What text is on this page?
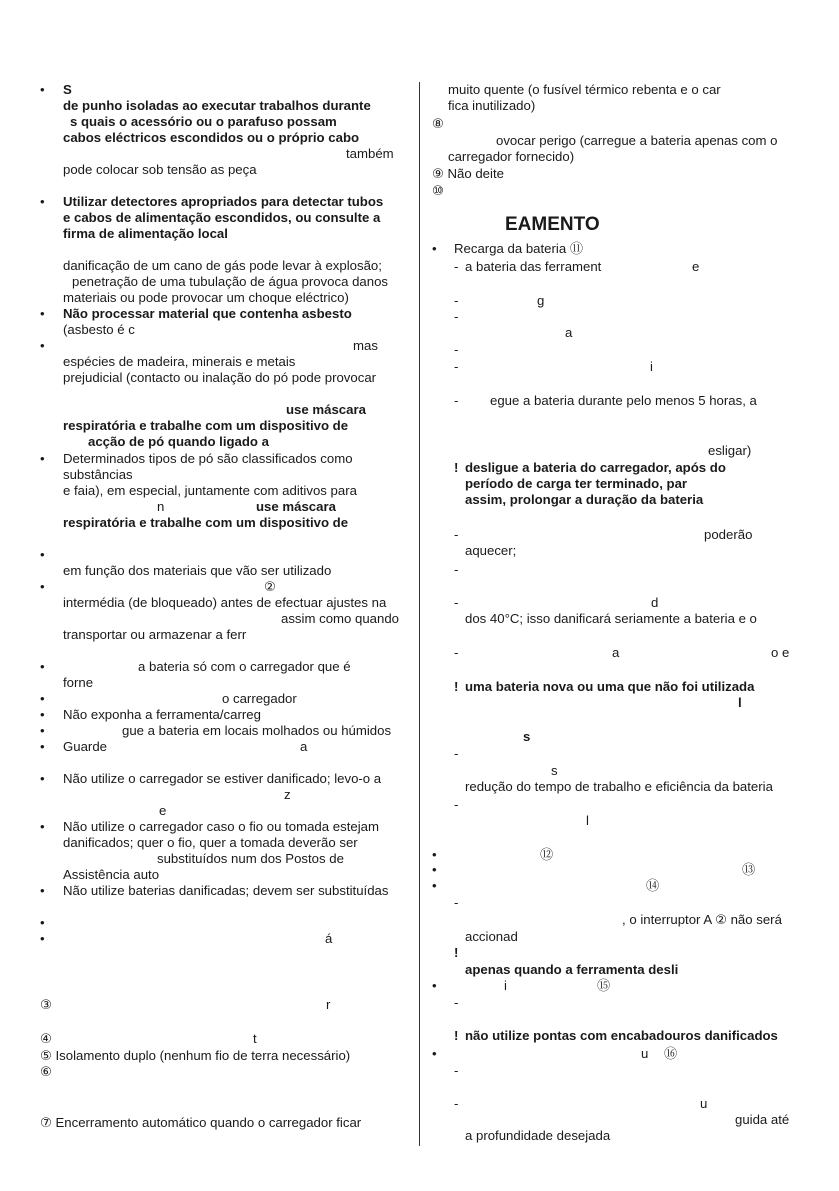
• S
de punho isoladas ao executar trabalhos durante
s quais o acessório ou o parafuso possam
cabos eléctricos escondidos ou o próprio cabo
também
pode colocar sob tensão as peça
• Utilizar detectores apropriados para detectar tubos
e cabos de alimentação escondidos, ou consulte a
firma de alimentação local
danificação de um cano de gás pode levar à explosão;
penetração de uma tubulação de água provoca danos
materiais ou pode provocar um choque eléctrico)
• Não processar material que contenha asbesto
(asbesto é c
•	mas
espécies de madeira, minerais e metais
prejudicial (contacto ou inalação do pó pode provocar
use máscara
respiratória e trabalhe com um dispositivo de
acção de pó quando ligado a
• Determinados tipos de pó são classificados como
substâncias
e faia), em especial, juntamente com aditivos para
n	use máscara
respiratória e trabalhe com um dispositivo de
•
em função dos materiais que vão ser utilizado
•	②
intermédia (de bloqueado) antes de efectuar ajustes na
assim como quando
transportar ou armazenar a ferr
•	a bateria só com o carregador que é
forne
•	o carregador
• Não exponha a ferramenta/carreg
•	gue a bateria em locais molhados ou húmidos
• Guarde	a
• Não utilize o carregador se estiver danificado; levo-o a
z
e
• Não utilize o carregador caso o fio ou tomada estejam
danificados; quer o fio, quer a tomada deverão ser
substituídos num dos Postos de
Assistência auto
• Não utilize baterias danificadas; devem ser substituídas
•
•	á
③	r
④	t
⑤ Isolamento duplo (nenhum fio de terra necessário)
⑥
⑦ Encerramento automático quando o carregador ficar
muito quente (o fusível térmico rebenta e o car
fica inutilizado)
⑧
ovocar perigo (carregue a bateria apenas com o
carregador fornecido)
⑨ Não deite
⑩
EAMENTO
• Recarga da bateria ⑪
- a bateria das ferrament	e
-	g
-
a
-
-	i
- egue a bateria durante pelo menos 5 horas, a
esligar)
! desligue a bateria do carregador, após do
período de carga ter terminado, par
assim, prolongar a duração da bateria
-	poderão
aquecer;
-
-	d
dos 40°C; isso danificará seriamente a bateria e o
-	a	o e
! uma bateria nova ou uma que não foi utilizada
l
s
-
s
redução do tempo de trabalho e eficiência da bateria
-
l
•	⑫
•	⑬
•	⑭
-
, o interruptor A ② não será
accionad
!
apenas quando a ferramenta desli
•	i	⑮
-
! não utilize pontas com encabadouros danificados
•	u ⑯
-
-	u
guida até
a profundidade desejada
